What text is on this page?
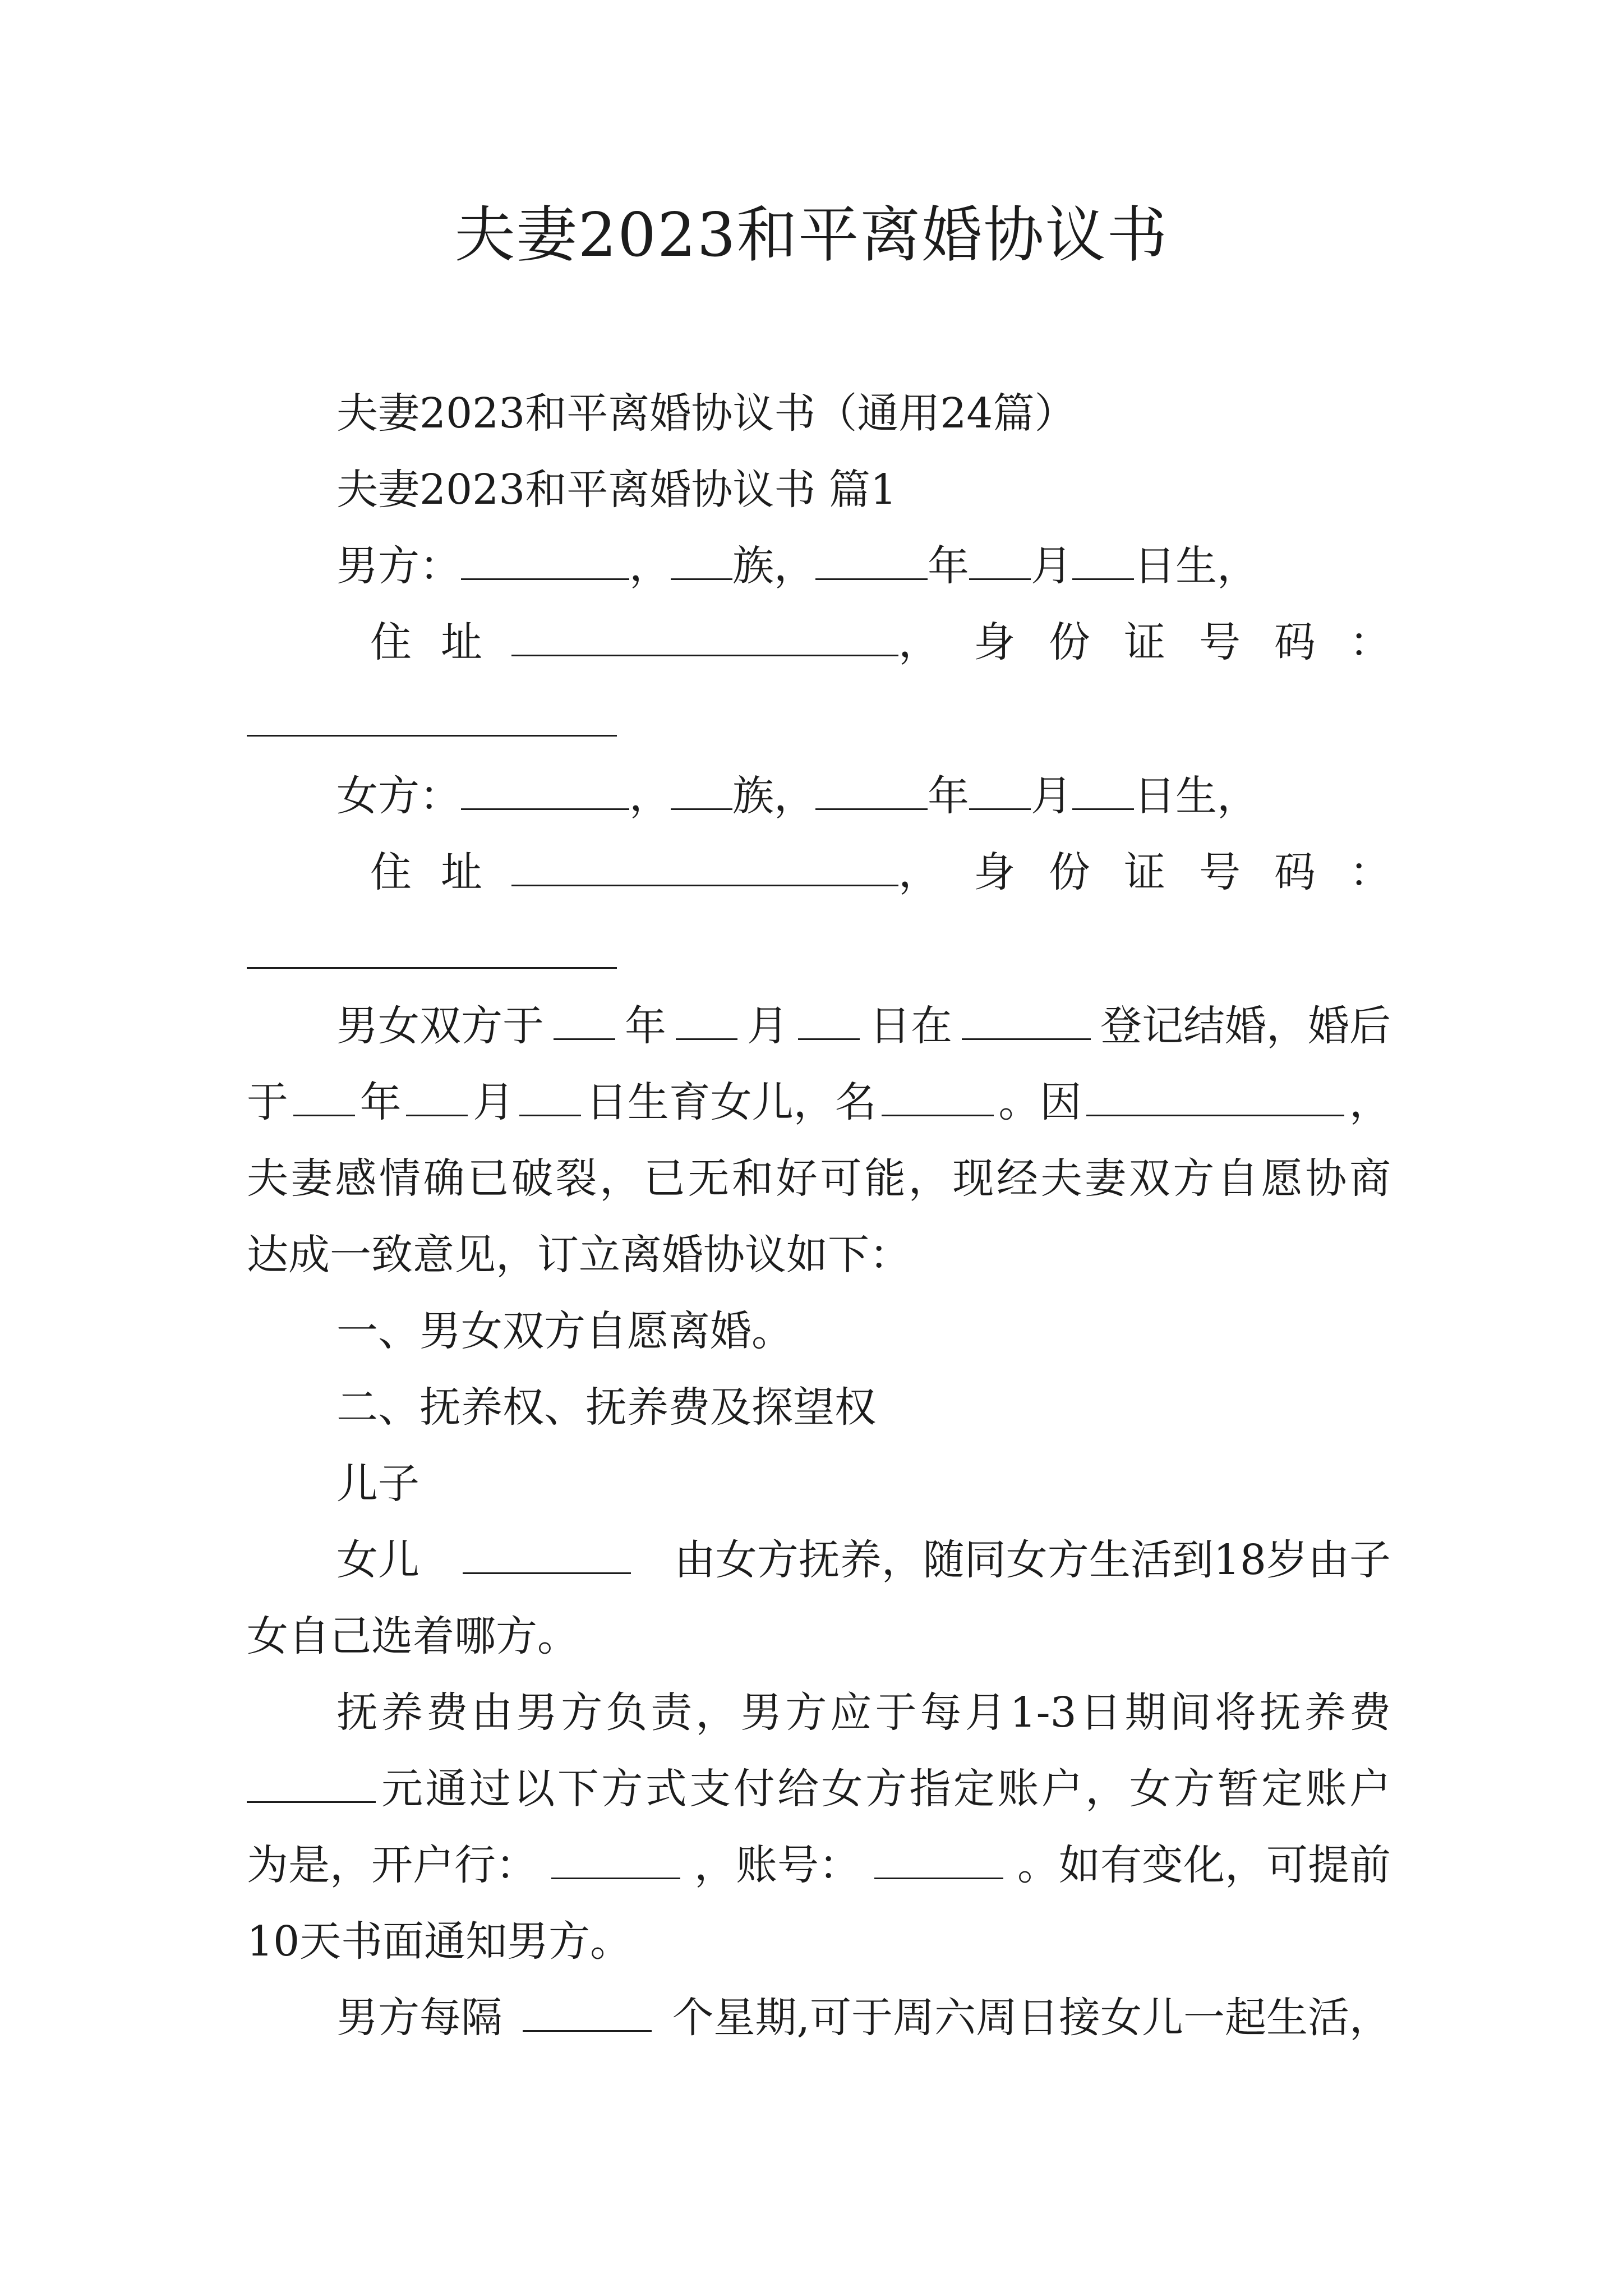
夫妻2023和平离婚协议书
夫妻2023和平离婚协议书（通用24篇）
夫妻2023和平离婚协议书 篇1
男方：	， 族，	年 月 日生，
住址	，身份证号码：
女方：	， 族，	年 月 日生，
住址	，身份证号码：
男女双方于 年 月 日在	登记结婚，婚后
于 年 月 日生育女儿，名	。因	，
夫妻感情确已破裂，已无和好可能，现经夫妻双方自愿协商
达成一致意见，订立离婚协议如下：
一、男女双方自愿离婚。
二、抚养权、抚养费及探望权
儿子
女儿	由女方抚养，随同女方生活到18岁由子
女自己选着哪方。
抚养费由男方负责，男方应于每月1-3日期间将抚养费
元通过以下方式支付给女方指定账户，女方暂定账户
为是，开户行：	，账号：	。如有变化，可提前
10天书面通知男方。
男方每隔	个星期,可于周六周日接女儿一起生活，
